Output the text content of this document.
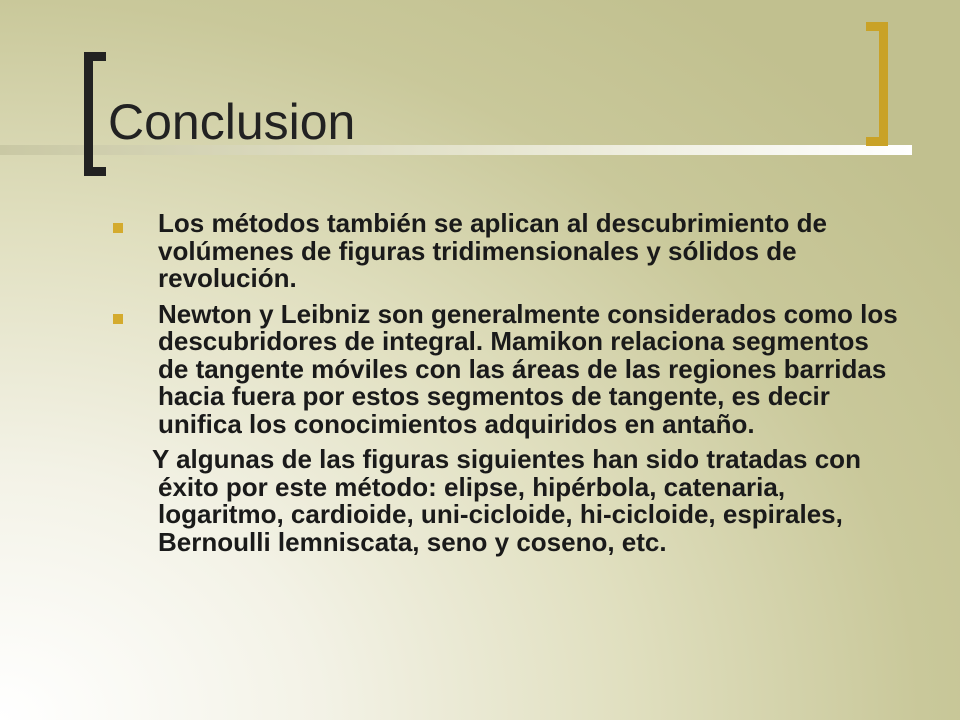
Conclusion

Los métodos también se aplican al descubrimiento de volúmenes de figuras tridimensionales y sólidos de revolución.

Newton y Leibniz son generalmente considerados como los descubridores de integral. Mamikon relaciona segmentos de tangente móviles con las áreas de las regiones barridas hacia fuera por estos segmentos de tangente, es decir unifica los conocimientos adquiridos en antaño.

Y algunas de las figuras siguientes han sido tratadas con éxito por este método: elipse, hipérbola, catenaria, logaritmo, cardioide, uni-cicloide, hi-cicloide, espirales, Bernoulli lemniscata, seno y coseno, etc.
